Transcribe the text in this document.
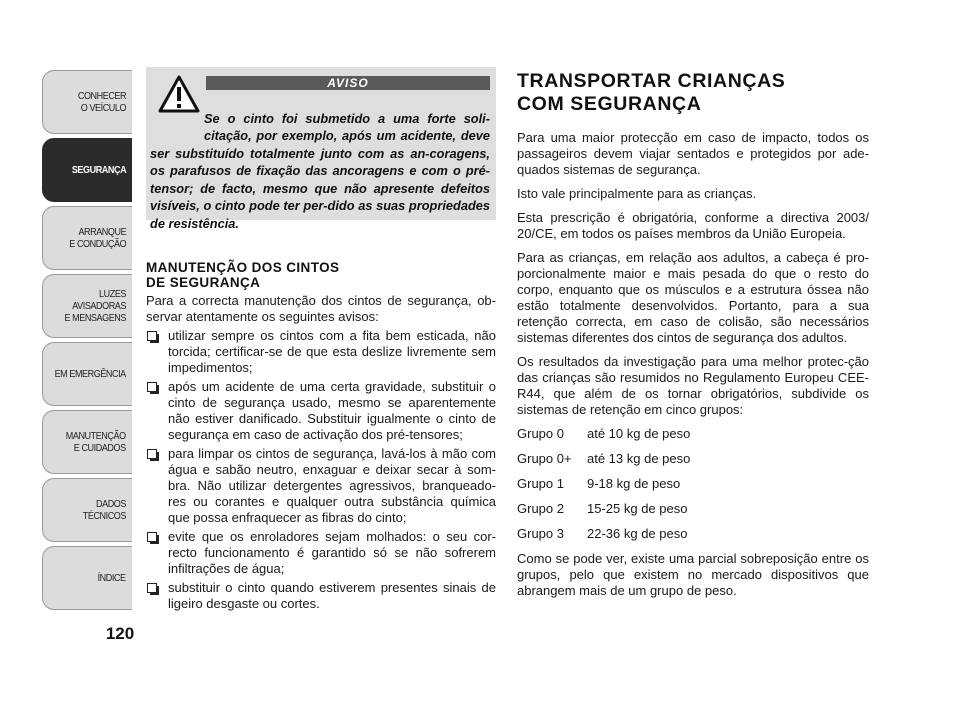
CONHECER
O VEÍCULO
SEGURANÇA
ARRANQUE
E CONDUÇÃO
LUZES AVISADORAS
E MENSAGENS
EM EMERGÊNCIA
MANUTENÇÃO
E CUIDADOS
DADOS TÉCNICOS
ÍNDICE
120
AVISO

Se o cinto foi submetido a uma forte soli-citação, por exemplo, após um acidente, deve ser substituído totalmente junto com as an-coragens, os parafusos de fixação das ancoragens e com o pré-tensor; de facto, mesmo que não apresente defeitos visíveis, o cinto pode ter per-dido as suas propriedades de resistência.

MANUTENÇÃO DOS CINTOS
DE SEGURANÇA

Para a correcta manutenção dos cintos de segurança, ob-servar atentamente os seguintes avisos:

utilizar sempre os cintos com a fita bem esticada, não torcida; certificar-se de que esta deslize livremente sem impedimentos;
após um acidente de uma certa gravidade, substituir o cinto de segurança usado, mesmo se aparentemente não estiver danificado. Substituir igualmente o cinto de segurança em caso de activação dos pré-tensores;
para limpar os cintos de segurança, lavá-los à mão com água e sabão neutro, enxaguar e deixar secar à som-bra. Não utilizar detergentes agressivos, branqueado-res ou corantes e qualquer outra substância química que possa enfraquecer as fibras do cinto;
evite que os enroladores sejam molhados: o seu cor-recto funcionamento é garantido só se não sofrerem infiltrações de água;
substituir o cinto quando estiverem presentes sinais de ligeiro desgaste ou cortes.
TRANSPORTAR CRIANÇAS
COM SEGURANÇA

Para uma maior protecção em caso de impacto, todos os passageiros devem viajar sentados e protegidos por ade-quados sistemas de segurança.

Isto vale principalmente para as crianças.

Esta prescrição é obrigatória, conforme a directiva 2003/ 20/CE, em todos os países membros da União Europeia.

Para as crianças, em relação aos adultos, a cabeça é pro-porcionalmente maior e mais pesada do que o resto do corpo, enquanto que os músculos e a estrutura óssea não estão totalmente desenvolvidos. Portanto, para a sua retenção correcta, em caso de colisão, são necessários sistemas diferentes dos cintos de segurança dos adultos.

Os resultados da investigação para uma melhor protec-ção das crianças são resumidos no Regulamento Europeu CEE-R44, que além de os tornar obrigatórios, subdivide os sistemas de retenção em cinco grupos:

Grupo 0	até 10 kg de peso
Grupo 0+	até 13 kg de peso
Grupo 1	9-18 kg de peso
Grupo 2	15-25 kg de peso
Grupo 3	22-36 kg de peso

Como se pode ver, existe uma parcial sobreposição entre os grupos, pelo que existem no mercado dispositivos que abrangem mais de um grupo de peso.
